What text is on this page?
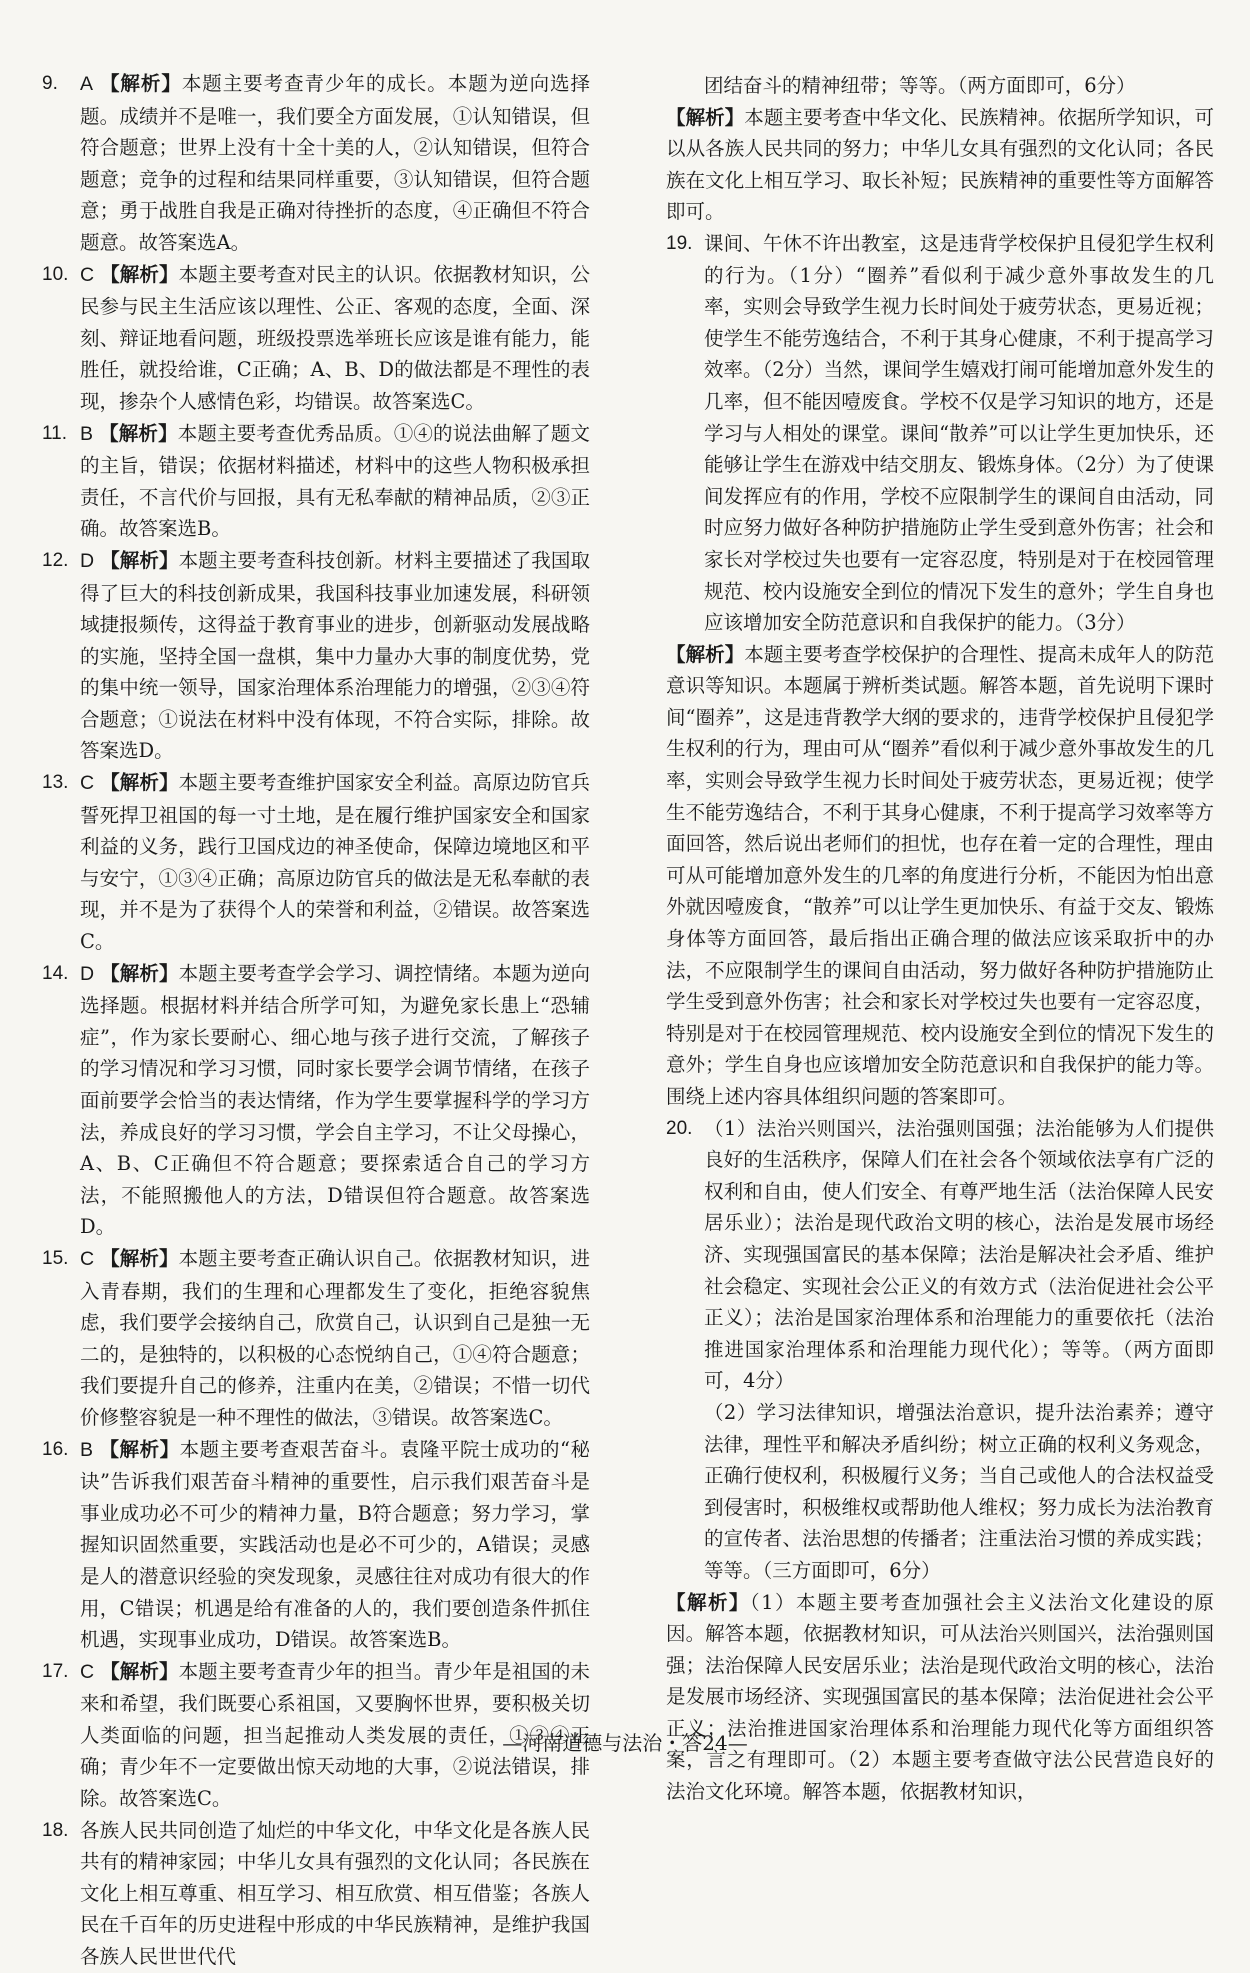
9. A 【解析】本题主要考查青少年的成长。本题为逆向选择题。成绩并不是唯一，我们要全方面发展，①认知错误，但符合题意；世界上没有十全十美的人，②认知错误，但符合题意；竞争的过程和结果同样重要，③认知错误，但符合题意；勇于战胜自我是正确对待挫折的态度，④正确但不符合题意。故答案选A。

10. C 【解析】本题主要考查对民主的认识。依据教材知识，公民参与民主生活应该以理性、公正、客观的态度，全面、深刻、辩证地看问题，班级投票选举班长应该是谁有能力，能胜任，就投给谁，C正确；A、B、D的做法都是不理性的表现，掺杂个人感情色彩，均错误。故答案选C。

11. B 【解析】本题主要考查优秀品质。①④的说法曲解了题文的主旨，错误；依据材料描述，材料中的这些人物积极承担责任，不言代价与回报，具有无私奉献的精神品质，②③正确。故答案选B。

12. D 【解析】本题主要考查科技创新。材料主要描述了我国取得了巨大的科技创新成果，我国科技事业加速发展，科研领域捷报频传，这得益于教育事业的进步，创新驱动发展战略的实施，坚持全国一盘棋，集中力量办大事的制度优势，党的集中统一领导，国家治理体系治理能力的增强，②③④符合题意；①说法在材料中没有体现，不符合实际，排除。故答案选D。

13. C 【解析】本题主要考查维护国家安全利益。高原边防官兵誓死捍卫祖国的每一寸土地，是在履行维护国家安全和国家利益的义务，践行卫国戍边的神圣使命，保障边境地区和平与安宁，①③④正确；高原边防官兵的做法是无私奉献的表现，并不是为了获得个人的荣誉和利益，②错误。故答案选C。

14. D 【解析】本题主要考查学会学习、调控情绪。本题为逆向选择题。根据材料并结合所学可知，为避免家长患上“恐辅症”，作为家长要耐心、细心地与孩子进行交流，了解孩子的学习情况和学习习惯，同时家长要学会调节情绪，在孩子面前要学会恰当的表达情绪，作为学生要掌握科学的学习方法，养成良好的学习习惯，学会自主学习，不让父母操心，A、B、C正确但不符合题意；要探索适合自己的学习方法，不能照搬他人的方法，D错误但符合题意。故答案选D。

15. C 【解析】本题主要考查正确认识自己。依据教材知识，进入青春期，我们的生理和心理都发生了变化，拒绝容貌焦虑，我们要学会接纳自己，欣赏自己，认识到自己是独一无二的，是独特的，以积极的心态悦纳自己，①④符合题意；我们要提升自己的修养，注重内在美，②错误；不惜一切代价修整容貌是一种不理性的做法，③错误。故答案选C。

16. B 【解析】本题主要考查艰苦奋斗。袁隆平院士成功的“秘诀”告诉我们艰苦奋斗精神的重要性，启示我们艰苦奋斗是事业成功必不可少的精神力量，B符合题意；努力学习，掌握知识固然重要，实践活动也是必不可少的，A错误；灵感是人的潜意识经验的突发现象，灵感往往对成功有很大的作用，C错误；机遇是给有准备的人的，我们要创造条件抓住机遇，实现事业成功，D错误。故答案选B。

17. C 【解析】本题主要考查青少年的担当。青少年是祖国的未来和希望，我们既要心系祖国，又要胸怀世界，要积极关切人类面临的问题，担当起推动人类发展的责任，①③④正确；青少年不一定要做出惊天动地的大事，②说法错误，排除。故答案选C。

18. 各族人民共同创造了灿烂的中华文化，中华文化是各族人民共有的精神家园；中华儿女具有强烈的文化认同；各民族在文化上相互尊重、相互学习、相互欣赏、相互借鉴；各族人民在千百年的历史进程中形成的中华民族精神，是维护我国各族人民世世代代

团结奋斗的精神纽带；等等。（两方面即可，6分）

【解析】本题主要考查中华文化、民族精神。依据所学知识，可以从各族人民共同的努力；中华儿女具有强烈的文化认同；各民族在文化上相互学习、取长补短；民族精神的重要性等方面解答即可。

19. 课间、午休不许出教室，这是违背学校保护且侵犯学生权利的行为。（1分）“圈养”看似利于减少意外事故发生的几率，实则会导致学生视力长时间处于疲劳状态，更易近视；使学生不能劳逸结合，不利于其身心健康，不利于提高学习效率。（2分）当然，课间学生嬉戏打闹可能增加意外发生的几率，但不能因噎废食。学校不仅是学习知识的地方，还是学习与人相处的课堂。课间“散养”可以让学生更加快乐，还能够让学生在游戏中结交朋友、锻炼身体。（2分）为了使课间发挥应有的作用，学校不应限制学生的课间自由活动，同时应努力做好各种防护措施防止学生受到意外伤害；社会和家长对学校过失也要有一定容忍度，特别是对于在校园管理规范、校内设施安全到位的情况下发生的意外；学生自身也应该增加安全防范意识和自我保护的能力。（3分）

【解析】本题主要考查学校保护的合理性、提高未成年人的防范意识等知识。本题属于辨析类试题。解答本题，首先说明下课时间“圈养”，这是违背教学大纲的要求的，违背学校保护且侵犯学生权利的行为，理由可从“圈养”看似利于减少意外事故发生的几率，实则会导致学生视力长时间处于疲劳状态，更易近视；使学生不能劳逸结合，不利于其身心健康，不利于提高学习效率等方面回答，然后说出老师们的担忧，也存在着一定的合理性，理由可从可能增加意外发生的几率的角度进行分析，不能因为怕出意外就因噎废食，“散养”可以让学生更加快乐、有益于交友、锻炼身体等方面回答，最后指出正确合理的做法应该采取折中的办法，不应限制学生的课间自由活动，努力做好各种防护措施防止学生受到意外伤害；社会和家长对学校过失也要有一定容忍度，特别是对于在校园管理规范、校内设施安全到位的情况下发生的意外；学生自身也应该增加安全防范意识和自我保护的能力等。围绕上述内容具体组织问题的答案即可。

20. （1）法治兴则国兴，法治强则国强；法治能够为人们提供良好的生活秩序，保障人们在社会各个领域依法享有广泛的权利和自由，使人们安全、有尊严地生活（法治保障人民安居乐业）；法治是现代政治文明的核心，法治是发展市场经济、实现强国富民的基本保障；法治是解决社会矛盾、维护社会稳定、实现社会公正义的有效方式（法治促进社会公平正义）；法治是国家治理体系和治理能力的重要依托（法治推进国家治理体系和治理能力现代化）；等等。（两方面即可，4分）

（2）学习法律知识，增强法治意识，提升法治素养；遵守法律，理性平和解决矛盾纠纷；树立正确的权利义务观念，正确行使权利，积极履行义务；当自己或他人的合法权益受到侵害时，积极维权或帮助他人维权；努力成长为法治教育的宣传者、法治思想的传播者；注重法治习惯的养成实践；等等。（三方面即可，6分）

【解析】（1）本题主要考查加强社会主义法治文化建设的原因。解答本题，依据教材知识，可从法治兴则国兴，法治强则国强；法治保障人民安居乐业；法治是现代政治文明的核心，法治是发展市场经济、实现强国富民的基本保障；法治促进社会公平正义；法治推进国家治理体系和治理能力现代化等方面组织答案，言之有理即可。（2）本题主要考查做守法公民营造良好的法治文化环境。解答本题，依据教材知识，

—河南道德与法治・答24—
